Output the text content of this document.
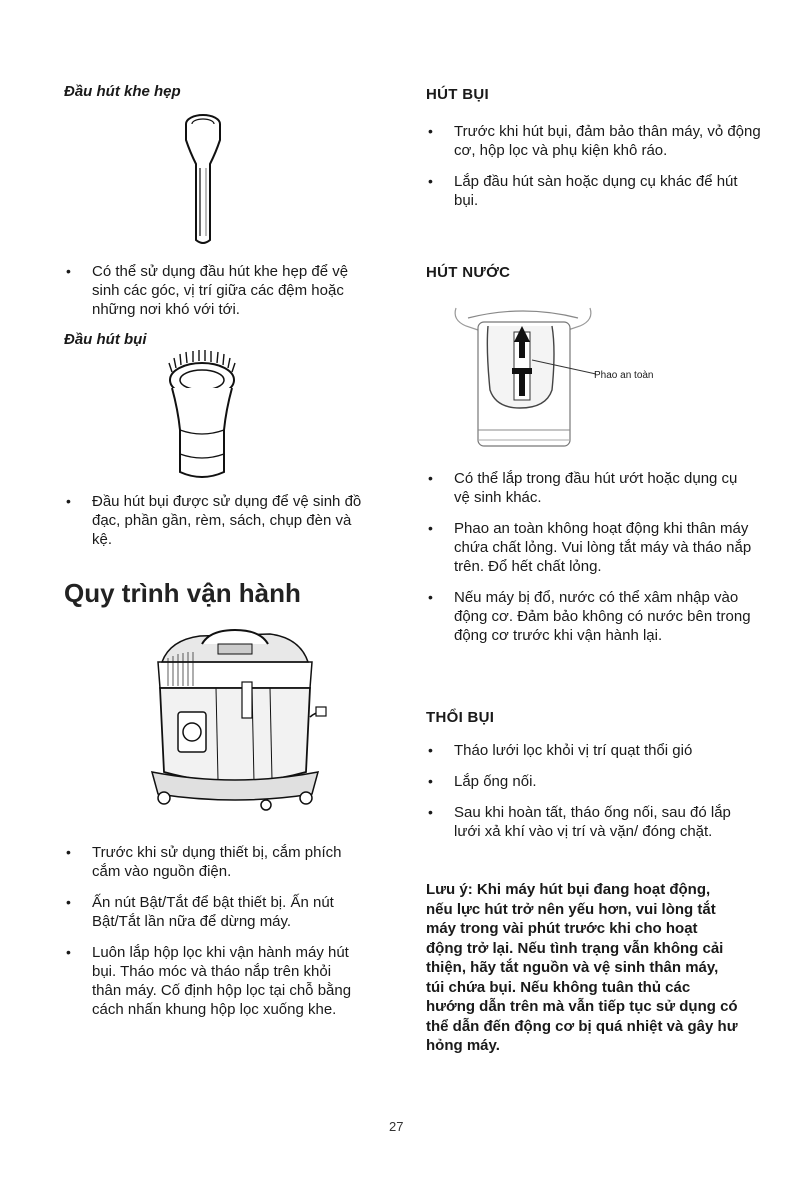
Đầu hút khe hẹp
• Có thể sử dụng đầu hút khe hẹp để vệ sinh các góc, vị trí giữa các đệm hoặc những nơi khó với tới.
Đầu hút bụi
• Đầu hút bụi được sử dụng để vệ sinh đồ đạc, phần gần, rèm, sách, chụp đèn và kệ.
Quy trình vận hành
• Trước khi sử dụng thiết bị, cắm phích cắm vào nguồn điện.
• Ấn nút Bật/Tắt để bật thiết bị. Ấn nút Bật/Tắt lần nữa để dừng máy.
• Luôn lắp hộp lọc khi vận hành máy hút bụi. Tháo móc và tháo nắp trên khỏi thân máy. Cố định hộp lọc tại chỗ bằng cách nhấn khung hộp lọc xuống khe.
HÚT BỤI
• Trước khi hút bụi, đảm bảo thân máy, vỏ động cơ, hộp lọc và phụ kiện khô ráo.
• Lắp đầu hút sàn hoặc dụng cụ khác để hút bụi.
HÚT NƯỚC
Phao an toàn
• Có thể lắp trong đầu hút ướt hoặc dụng cụ vệ sinh khác.
• Phao an toàn không hoạt động khi thân máy chứa chất lỏng. Vui lòng tắt máy và tháo nắp trên. Đổ hết chất lỏng.
• Nếu máy bị đổ, nước có thể xâm nhập vào động cơ. Đảm bảo không có nước bên trong động cơ trước khi vận hành lại.
THỔI BỤI
• Tháo lưới lọc khỏi vị trí quạt thổi gió
• Lắp ống nối.
• Sau khi hoàn tất, tháo ống nối, sau đó lắp lưới xả khí vào vị trí và vặn/ đóng chặt.
Lưu ý: Khi máy hút bụi đang hoạt động, nếu lực hút trở nên yếu hơn, vui lòng tắt máy trong vài phút trước khi cho hoạt động trở lại. Nếu tình trạng vẫn không cải thiện, hãy tắt nguồn và vệ sinh thân máy, túi chứa bụi. Nếu không tuân thủ các hướng dẫn trên mà vẫn tiếp tục sử dụng có thể dẫn đến động cơ bị quá nhiệt và gây hư hỏng máy.
27
